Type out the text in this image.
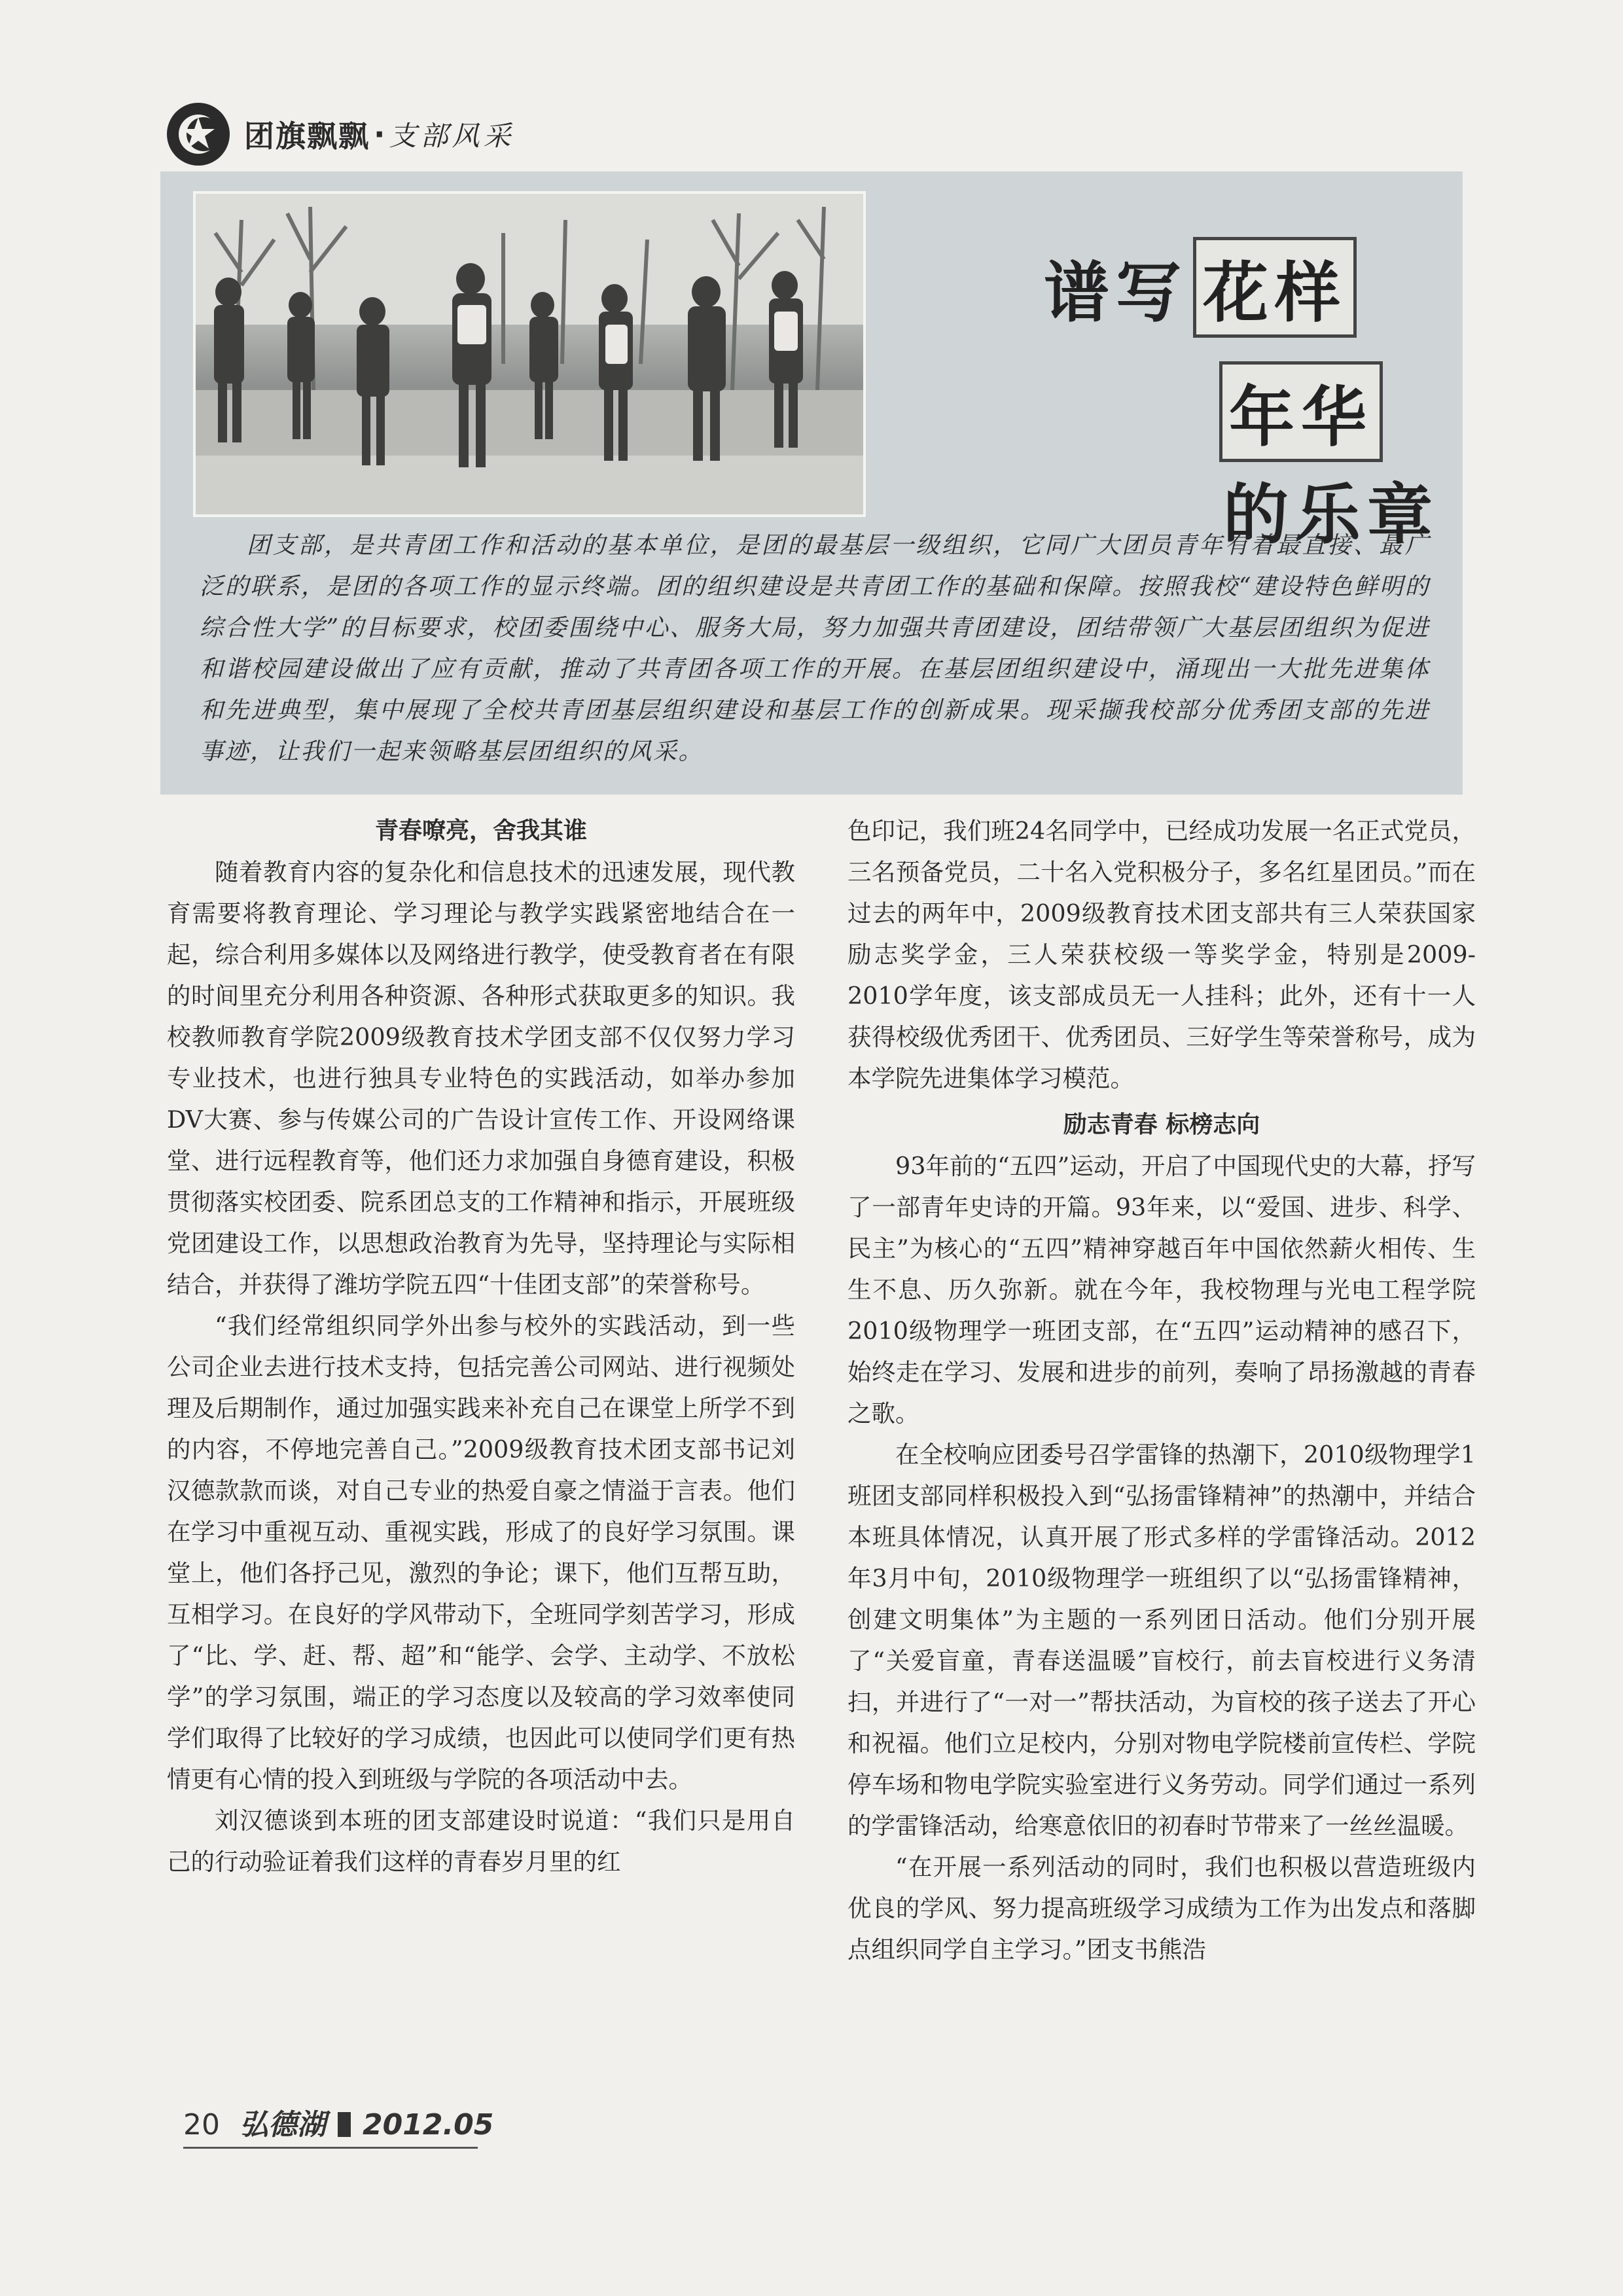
团旗飘飘 · 支部风采
谱写 花样
年华的乐章
团支部，是共青团工作和活动的基本单位，是团的最基层一级组织，它同广大团员青年有着最直接、最广泛的联系，是团的各项工作的显示终端。团的组织建设是共青团工作的基础和保障。按照我校“建设特色鲜明的综合性大学”的目标要求，校团委围绕中心、服务大局，努力加强共青团建设，团结带领广大基层团组织为促进和谐校园建设做出了应有贡献，推动了共青团各项工作的开展。在基层团组织建设中，涌现出一大批先进集体和先进典型，集中展现了全校共青团基层组织建设和基层工作的创新成果。现采撷我校部分优秀团支部的先进事迹，让我们一起来领略基层团组织的风采。
青春嘹亮，舍我其谁

随着教育内容的复杂化和信息技术的迅速发展，现代教育需要将教育理论、学习理论与教学实践紧密地结合在一起，综合利用多媒体以及网络进行教学，使受教育者在有限的时间里充分利用各种资源、各种形式获取更多的知识。我校教师教育学院2009级教育技术学团支部不仅仅努力学习专业技术，也进行独具专业特色的实践活动，如举办参加DV大赛、参与传媒公司的广告设计宣传工作、开设网络课堂、进行远程教育等，他们还力求加强自身德育建设，积极贯彻落实校团委、院系团总支的工作精神和指示，开展班级党团建设工作，以思想政治教育为先导，坚持理论与实际相结合，并获得了潍坊学院五四“十佳团支部”的荣誉称号。

“我们经常组织同学外出参与校外的实践活动，到一些公司企业去进行技术支持，包括完善公司网站、进行视频处理及后期制作，通过加强实践来补充自己在课堂上所学不到的内容，不停地完善自己。”2009级教育技术团支部书记刘汉德款款而谈，对自己专业的热爱自豪之情溢于言表。他们在学习中重视互动、重视实践，形成了的良好学习氛围。课堂上，他们各抒己见，激烈的争论；课下，他们互帮互助，互相学习。在良好的学风带动下，全班同学刻苦学习，形成了“比、学、赶、帮、超”和“能学、会学、主动学、不放松学”的学习氛围，端正的学习态度以及较高的学习效率使同学们取得了比较好的学习成绩，也因此可以使同学们更有热情更有心情的投入到班级与学院的各项活动中去。

刘汉德谈到本班的团支部建设时说道：“我们只是用自己的行动验证着我们这样的青春岁月里的红

色印记，我们班24名同学中，已经成功发展一名正式党员，三名预备党员，二十名入党积极分子，多名红星团员。”而在过去的两年中，2009级教育技术团支部共有三人荣获国家励志奖学金，三人荣获校级一等奖学金，特别是2009-2010学年度，该支部成员无一人挂科；此外，还有十一人获得校级优秀团干、优秀团员、三好学生等荣誉称号，成为本学院先进集体学习模范。

励志青春 标榜志向

93年前的“五四”运动，开启了中国现代史的大幕，抒写了一部青年史诗的开篇。93年来，以“爱国、进步、科学、民主”为核心的“五四”精神穿越百年中国依然薪火相传、生生不息、历久弥新。就在今年，我校物理与光电工程学院2010级物理学一班团支部，在“五四”运动精神的感召下，始终走在学习、发展和进步的前列，奏响了昂扬激越的青春之歌。

在全校响应团委号召学雷锋的热潮下，2010级物理学1班团支部同样积极投入到“弘扬雷锋精神”的热潮中，并结合本班具体情况，认真开展了形式多样的学雷锋活动。2012年3月中旬，2010级物理学一班组织了以“弘扬雷锋精神，创建文明集体”为主题的一系列团日活动。他们分别开展了“关爱盲童，青春送温暖”盲校行，前去盲校进行义务清扫，并进行了“一对一”帮扶活动，为盲校的孩子送去了开心和祝福。他们立足校内，分别对物电学院楼前宣传栏、学院停车场和物电学院实验室进行义务劳动。同学们通过一系列的学雷锋活动，给寒意依旧的初春时节带来了一丝丝温暖。

“在开展一系列活动的同时，我们也积极以营造班级内优良的学风、努力提高班级学习成绩为工作为出发点和落脚点组织同学自主学习。”团支书熊浩

20 弘德湖 2012.05
